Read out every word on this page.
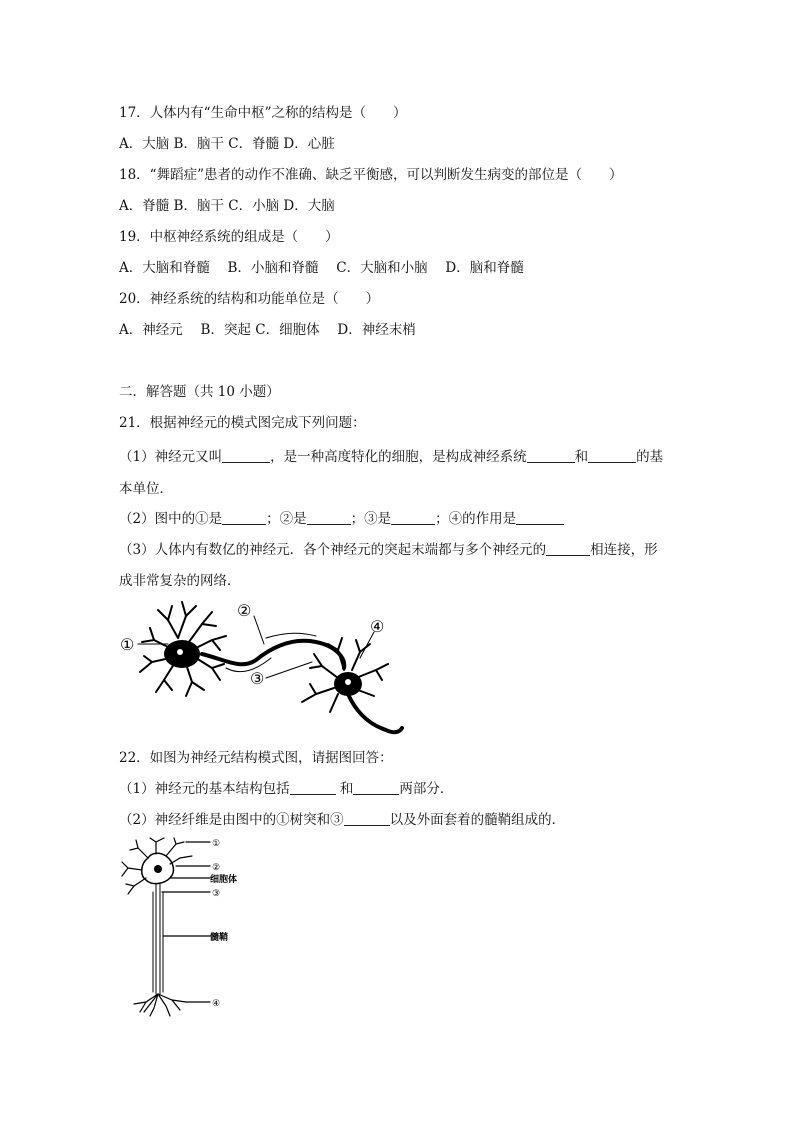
17．人体内有“生命中枢”之称的结构是（　　）
A．大脑 B．脑干 C．脊髓 D．心脏
18．“舞蹈症”患者的动作不准确、缺乏平衡感，可以判断发生病变的部位是（　　）
A．脊髓 B．脑干 C．小脑 D．大脑
19．中枢神经系统的组成是（　　）
A．大脑和脊髓　 B．小脑和脊髓　 C．大脑和小脑　 D．脑和脊髓
20．神经系统的结构和功能单位是（　　）
A．神经元　 B．突起 C．细胞体　 D．神经末梢
二．解答题（共 10 小题）
21．根据神经元的模式图完成下列问题：
（1）神经元又叫	，是一种高度特化的细胞，是构成神经系统	和	的基
本单位．
（2）图中的①是	；②是	；③是	；④的作用是
（3）人体内有数亿的神经元．各个神经元的突起末端都与多个神经元的	相连接，形
成非常复杂的网络．
①
②
③
④
22．如图为神经元结构模式图，请据图回答：
（1）神经元的基本结构包括	和	两部分．
（2）神经纤维是由图中的①树突和③	以及外面套着的髓鞘组成的．
①
②
细胞体
③
髓鞘
④
